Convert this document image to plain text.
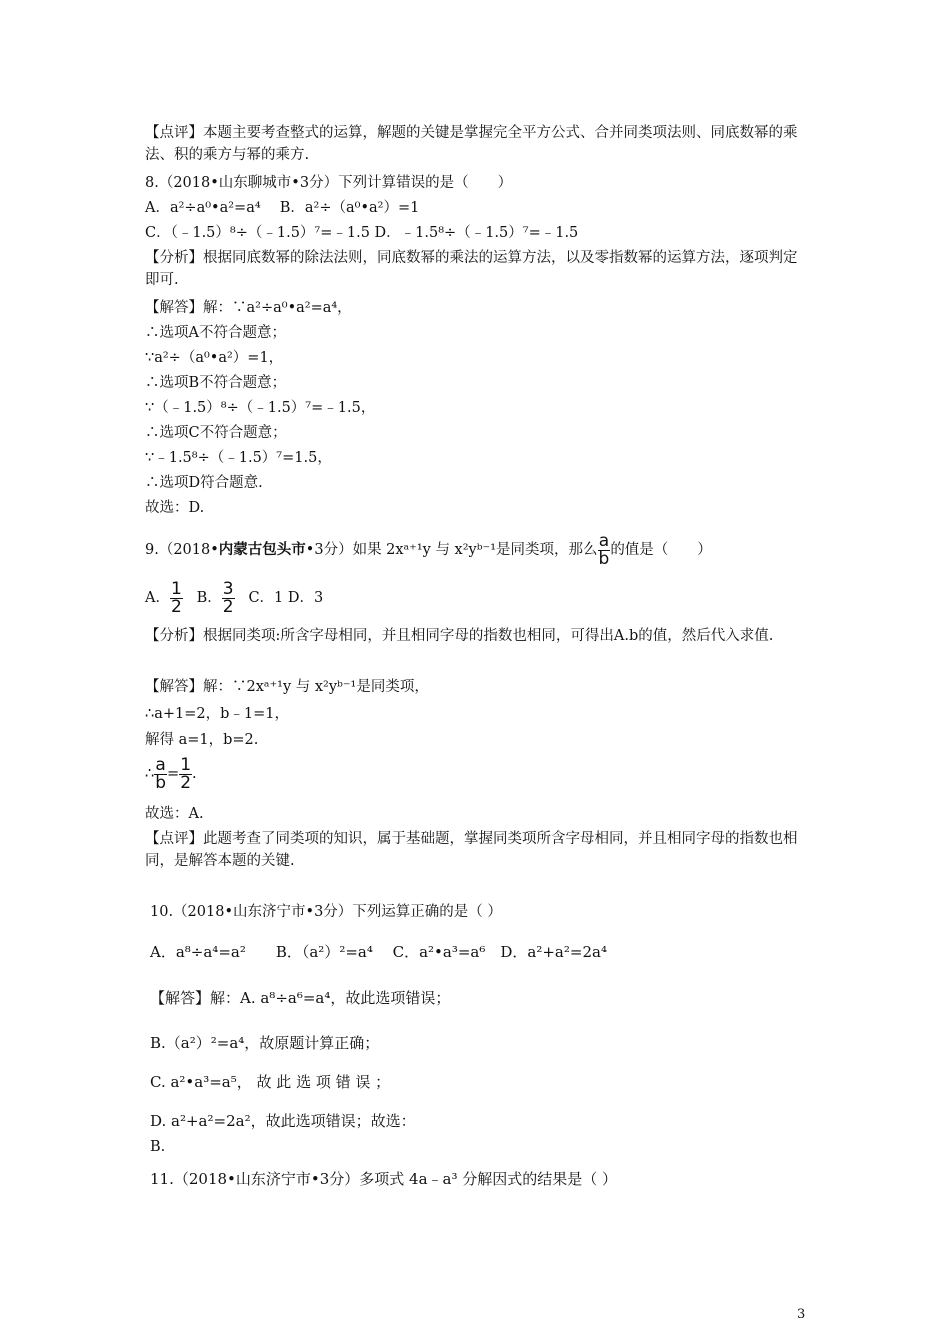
【点评】本题主要考查整式的运算，解题的关键是掌握完全平方公式、合并同类项法则、同底数幂的乘法、积的乘方与幂的乘方.
8.（2018•山东聊城市•3分）下列计算错误的是（　　）
A．a²÷a⁰•a²=a⁴　 B．a²÷（a⁰•a²）=1
C．（﹣1.5）⁸÷（﹣1.5）⁷=﹣1.5 D．﹣1.5⁸÷（﹣1.5）⁷=﹣1.5
【分析】根据同底数幂的除法法则，同底数幂的乘法的运算方法，以及零指数幂的运算方法，逐项判定即可.
【解答】解：∵a²÷a⁰•a²=a⁴，
∴选项A不符合题意；
∵a²÷（a⁰•a²）=1，
∴选项B不符合题意；
∵（﹣1.5）⁸÷（﹣1.5）⁷=﹣1.5，
∴选项C不符合题意；
∵﹣1.5⁸÷（﹣1.5）⁷=1.5，
∴选项D符合题意.
故选：D.
9.（2018•内蒙古包头市•3分）如果 2xᵃ⁺¹y 与 x²yᵇ⁻¹是同类项，那么 $\frac{a}{b}$ 的值是（　　）
A． $\frac{1}{2}$ B． $\frac{3}{2}$ C．1 D．3
【分析】根据同类项:所含字母相同，并且相同字母的指数也相同，可得出A.b的值，然后代入求值.
【解答】解：∵2xᵃ⁺¹y 与 x²yᵇ⁻¹是同类项，
∴a+1=2，b﹣1=1，
解得 a=1，b=2.
∴ $\frac{a}{b} = \frac{1}{2}$ .
故选：A.
【点评】此题考查了同类项的知识，属于基础题，掌握同类项所含字母相同，并且相同字母的指数也相同，是解答本题的关键.
10.（2018•山东济宁市•3分）下列运算正确的是（ ）
A．a⁸÷a⁴=a²　　B．（a²）²=a⁴　 C．a²•a³=a⁶　D．a²+a²=2a⁴
【解答】解：A. a⁸÷a⁶=a⁴，故此选项错误；
B.（a²）²=a⁴，故原题计算正确；
C. a²•a³=a⁵， 故 此 选 项 错 误 ；
D. a²+a²=2a²，故此选项错误；故选：
B.
11.（2018•山东济宁市•3分）多项式 4a﹣a³ 分解因式的结果是（ ）
3
